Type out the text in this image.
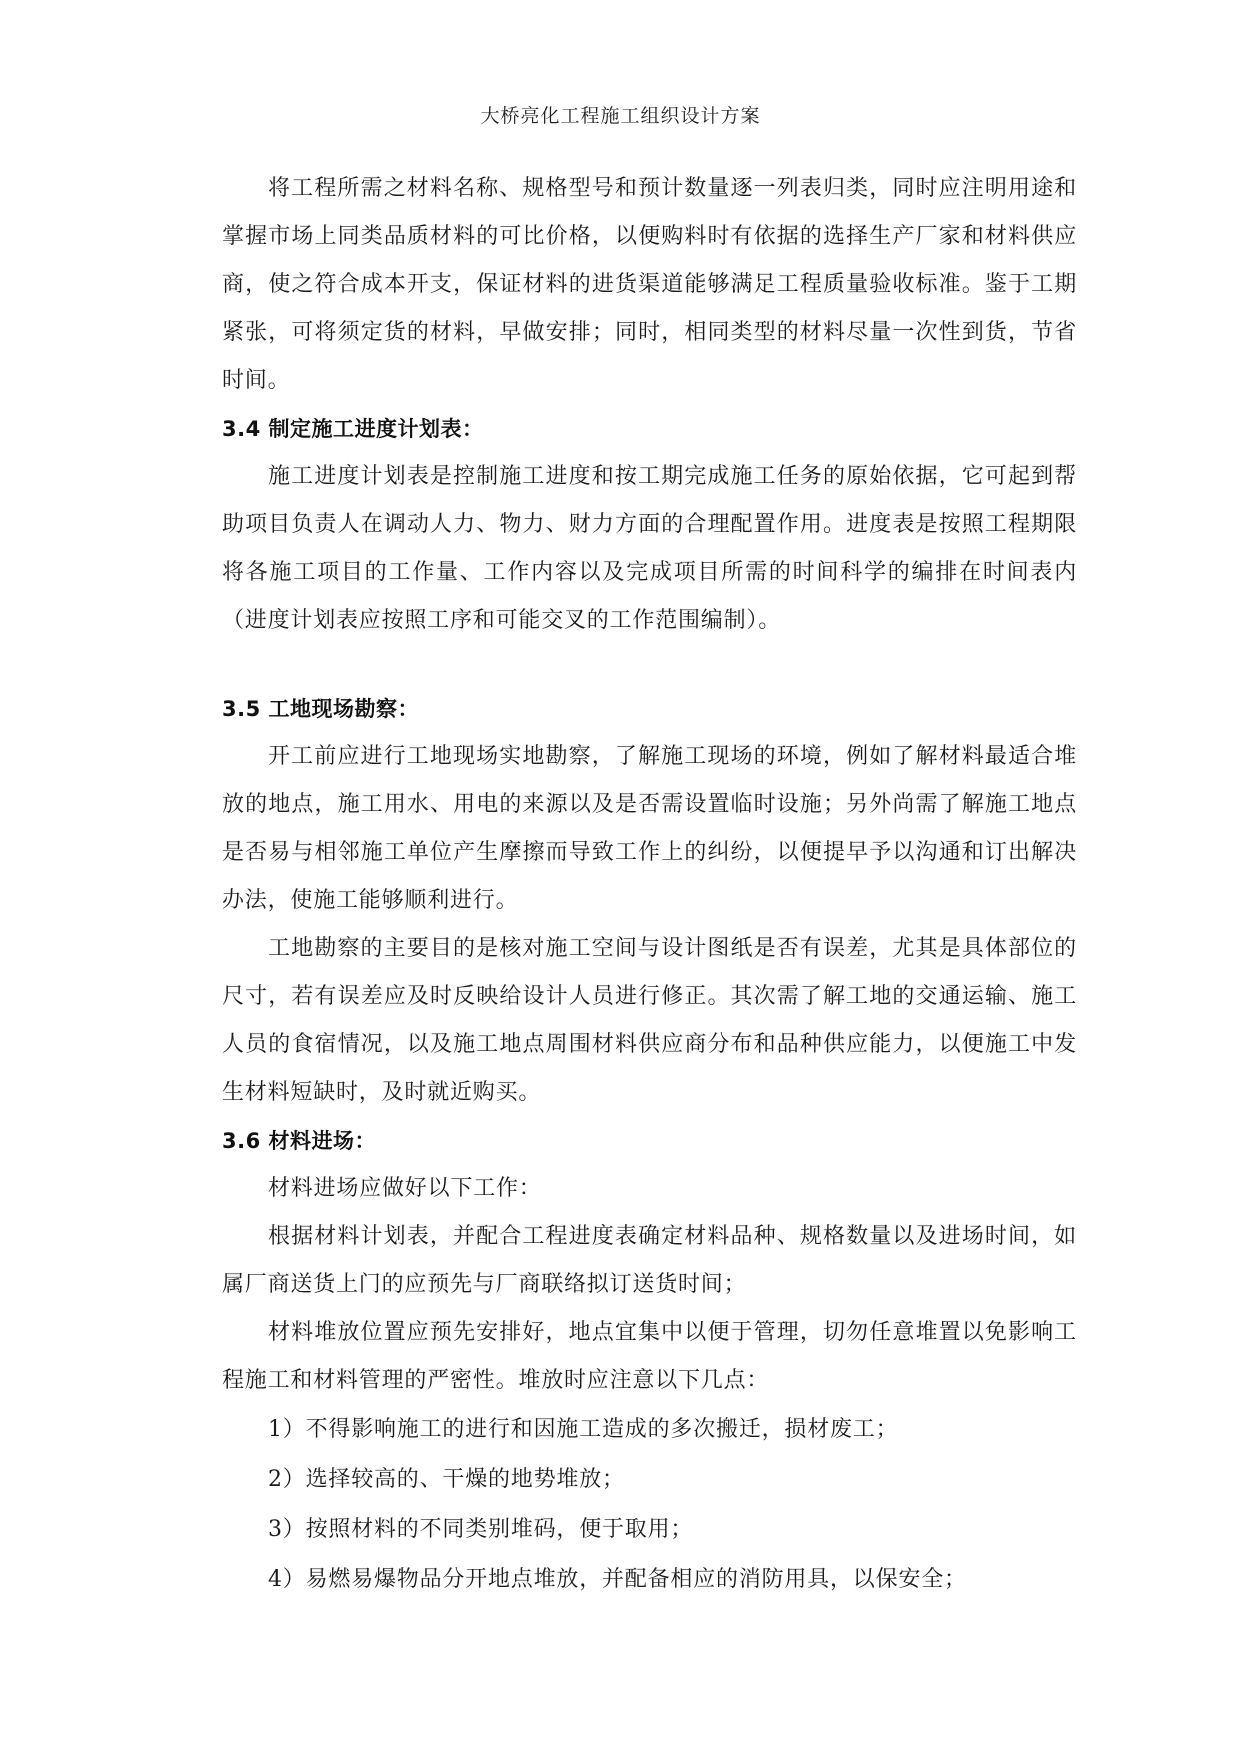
大桥亮化工程施工组织设计方案

将工程所需之材料名称、规格型号和预计数量逐一列表归类，同时应注明用途和掌握市场上同类品质材料的可比价格，以便购料时有依据的选择生产厂家和材料供应商，使之符合成本开支，保证材料的进货渠道能够满足工程质量验收标准。鉴于工期紧张，可将须定货的材料，早做安排；同时，相同类型的材料尽量一次性到货，节省时间。

3.4 制定施工进度计划表：

施工进度计划表是控制施工进度和按工期完成施工任务的原始依据，它可起到帮助项目负责人在调动人力、物力、财力方面的合理配置作用。进度表是按照工程期限将各施工项目的工作量、工作内容以及完成项目所需的时间科学的编排在时间表内（进度计划表应按照工序和可能交叉的工作范围编制）。

3.5 工地现场勘察：

开工前应进行工地现场实地勘察，了解施工现场的环境，例如了解材料最适合堆放的地点，施工用水、用电的来源以及是否需设置临时设施；另外尚需了解施工地点是否易与相邻施工单位产生摩擦而导致工作上的纠纷，以便提早予以沟通和订出解决办法，使施工能够顺利进行。

工地勘察的主要目的是核对施工空间与设计图纸是否有误差，尤其是具体部位的尺寸，若有误差应及时反映给设计人员进行修正。其次需了解工地的交通运输、施工人员的食宿情况，以及施工地点周围材料供应商分布和品种供应能力，以便施工中发生材料短缺时，及时就近购买。

3.6 材料进场：

材料进场应做好以下工作：

根据材料计划表，并配合工程进度表确定材料品种、规格数量以及进场时间，如属厂商送货上门的应预先与厂商联络拟订送货时间；

材料堆放位置应预先安排好，地点宜集中以便于管理，切勿任意堆置以免影响工程施工和材料管理的严密性。堆放时应注意以下几点：

1）不得影响施工的进行和因施工造成的多次搬迁，损材废工；

2）选择较高的、干燥的地势堆放；

3）按照材料的不同类别堆码，便于取用；

4）易燃易爆物品分开地点堆放，并配备相应的消防用具，以保安全；
